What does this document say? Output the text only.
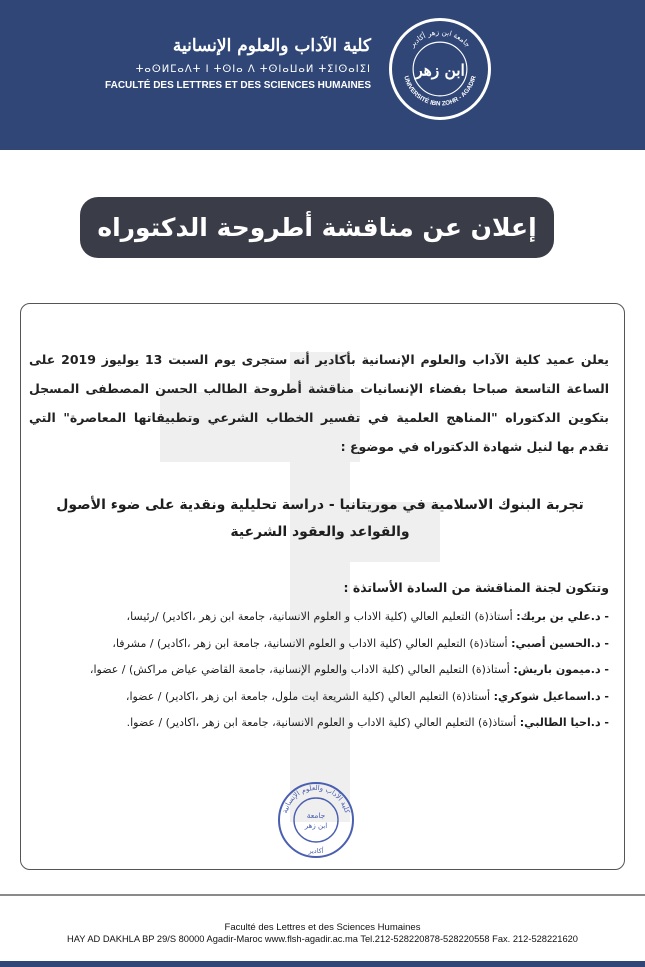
كلية الآداب والعلوم الإنسانية
ⵜⴰⵙⵍⵎⴰⴷⵜ ⵏ ⵜⵙⵏⴰ ⴷ ⵜⵙⵏⴰⵡⴰⵍ ⵜⵉⵏⵙⴰⵏⵉⵏ
FACULTÉ DES LETTRES ET DES SCIENCES HUMAINES
جامعة ابن زهر أكادير
UNIVERSITÉ IBN ZOHR - AGADIR
ابن زهر
إعلان عن مناقشة أطروحة الدكتوراه

يعلن عميد كلية الآداب والعلوم الإنسانية بأكادير أنه ستجرى يوم السبت 13 يوليوز 2019 على الساعة التاسعة صباحا بفضاء الإنسانيات مناقشة أطروحة الطالب الحسن المصطفى المسجل بتكوين الدكتوراه "المناهج العلمية في تفسير الخطاب الشرعي وتطبيقاتها المعاصرة" التي تقدم بها لنيل شهادة الدكتوراه في موضوع :

تجربة البنوك الاسلامية في موريتانيا - دراسة تحليلية ونقدية على ضوء الأصول والقواعد والعقود الشرعية
وتتكون لجنة المناقشة من السادة الأساتذة :
- د.علي بن بريك: أستاذ(ة) التعليم العالي (كلية الاداب و العلوم الانسانية، جامعة ابن زهر ،اكادير) /رئيسا،
- د.الحسين أصبي: أستاذ(ة) التعليم العالي (كلية الاداب و العلوم الانسانية، جامعة ابن زهر ،اكادير) / مشرفا،
- د.ميمون باريش: أستاذ(ة) التعليم العالي (كلية الاداب والعلوم الإنسانية، جامعة القاضي عياض مراكش) / عضوا،
- د.اسماعيل شوكري: أستاذ(ة) التعليم العالي (كلية الشريعة ايت ملول، جامعة ابن زهر ،اكادير) / عضوا،
- د.احيا الطالبي: أستاذ(ة) التعليم العالي (كلية الاداب و العلوم الانسانية، جامعة ابن زهر ،اكادير) / عضوا.
كلية الآداب والعلوم الإنسانية
جامعة
ابن زهر
أكادير
Faculté des Lettres et des Sciences Humaines
HAY AD DAKHLA BP 29/S 80000 Agadir-Maroc www.flsh-agadir.ac.ma Tel.212-528220878-528220558 Fax. 212-528221620
